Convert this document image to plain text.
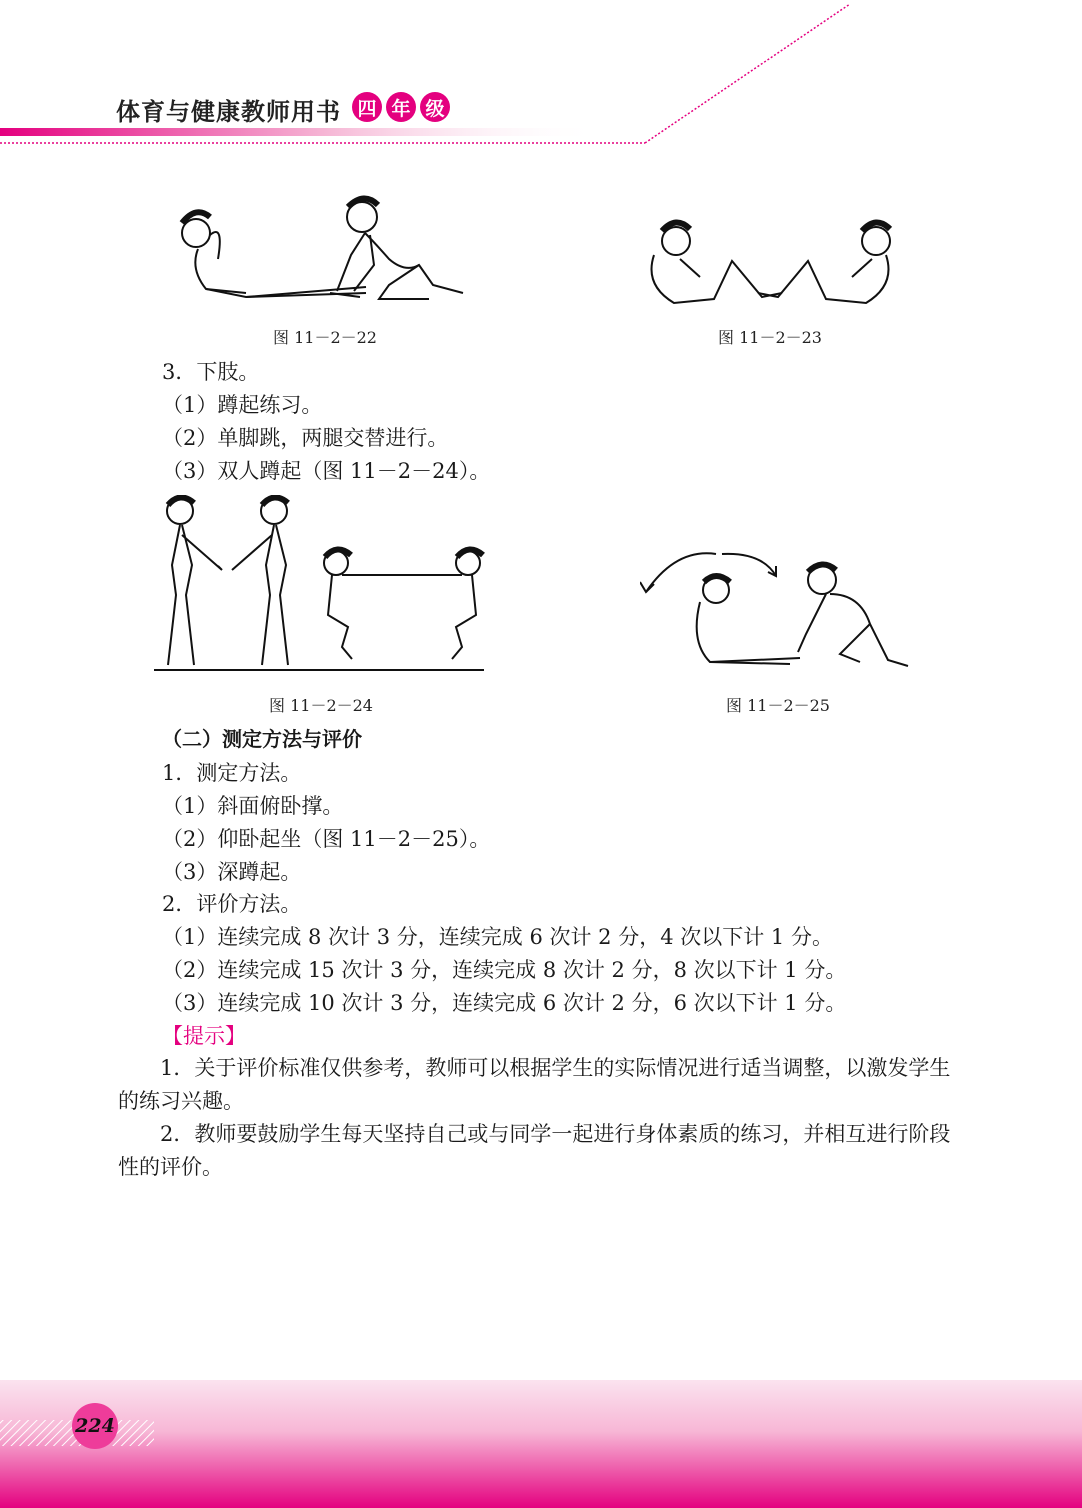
体育与健康教师用书 四 年 级
图 11－2－22	图 11－2－23
3．下肢。
（1）蹲起练习。
（2）单脚跳，两腿交替进行。
（3）双人蹲起（图 11－2－24）。
图 11－2－24	图 11－2－25
（二）测定方法与评价
1．测定方法。
（1）斜面俯卧撑。
（2）仰卧起坐（图 11－2－25）。
（3）深蹲起。
2．评价方法。
（1）连续完成 8 次计 3 分，连续完成 6 次计 2 分，4 次以下计 1 分。
（2）连续完成 15 次计 3 分，连续完成 8 次计 2 分，8 次以下计 1 分。
（3）连续完成 10 次计 3 分，连续完成 6 次计 2 分，6 次以下计 1 分。
【提示】
1．关于评价标准仅供参考，教师可以根据学生的实际情况进行适当调整，以激发学生的练习兴趣。
2．教师要鼓励学生每天坚持自己或与同学一起进行身体素质的练习，并相互进行阶段性的评价。
224
